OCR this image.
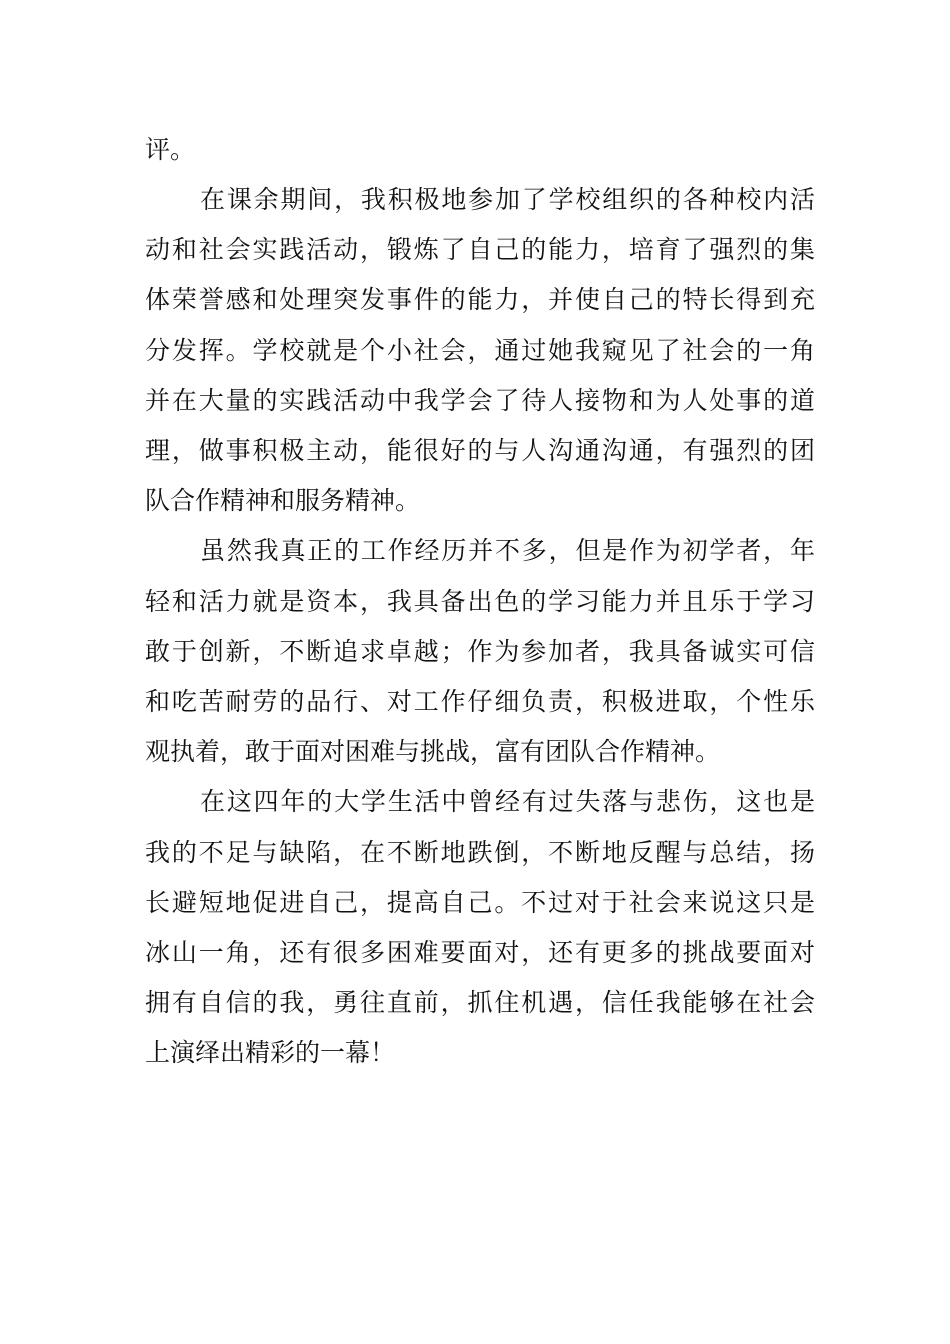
评。
在课余期间，我积极地参加了学校组织的各种校内活
动和社会实践活动，锻炼了自己的能力，培育了强烈的集
体荣誉感和处理突发事件的能力，并使自己的特长得到充
分发挥。学校就是个小社会，通过她我窥见了社会的一角
并在大量的实践活动中我学会了待人接物和为人处事的道
理，做事积极主动，能很好的与人沟通沟通，有强烈的团
队合作精神和服务精神。
虽然我真正的工作经历并不多，但是作为初学者，年
轻和活力就是资本，我具备出色的学习能力并且乐于学习
敢于创新，不断追求卓越；作为参加者，我具备诚实可信
和吃苦耐劳的品行、对工作仔细负责，积极进取，个性乐
观执着，敢于面对困难与挑战，富有团队合作精神。
在这四年的大学生活中曾经有过失落与悲伤，这也是
我的不足与缺陷，在不断地跌倒，不断地反醒与总结，扬
长避短地促进自己，提高自己。不过对于社会来说这只是
冰山一角，还有很多困难要面对，还有更多的挑战要面对
拥有自信的我，勇往直前，抓住机遇，信任我能够在社会
上演绎出精彩的一幕！
